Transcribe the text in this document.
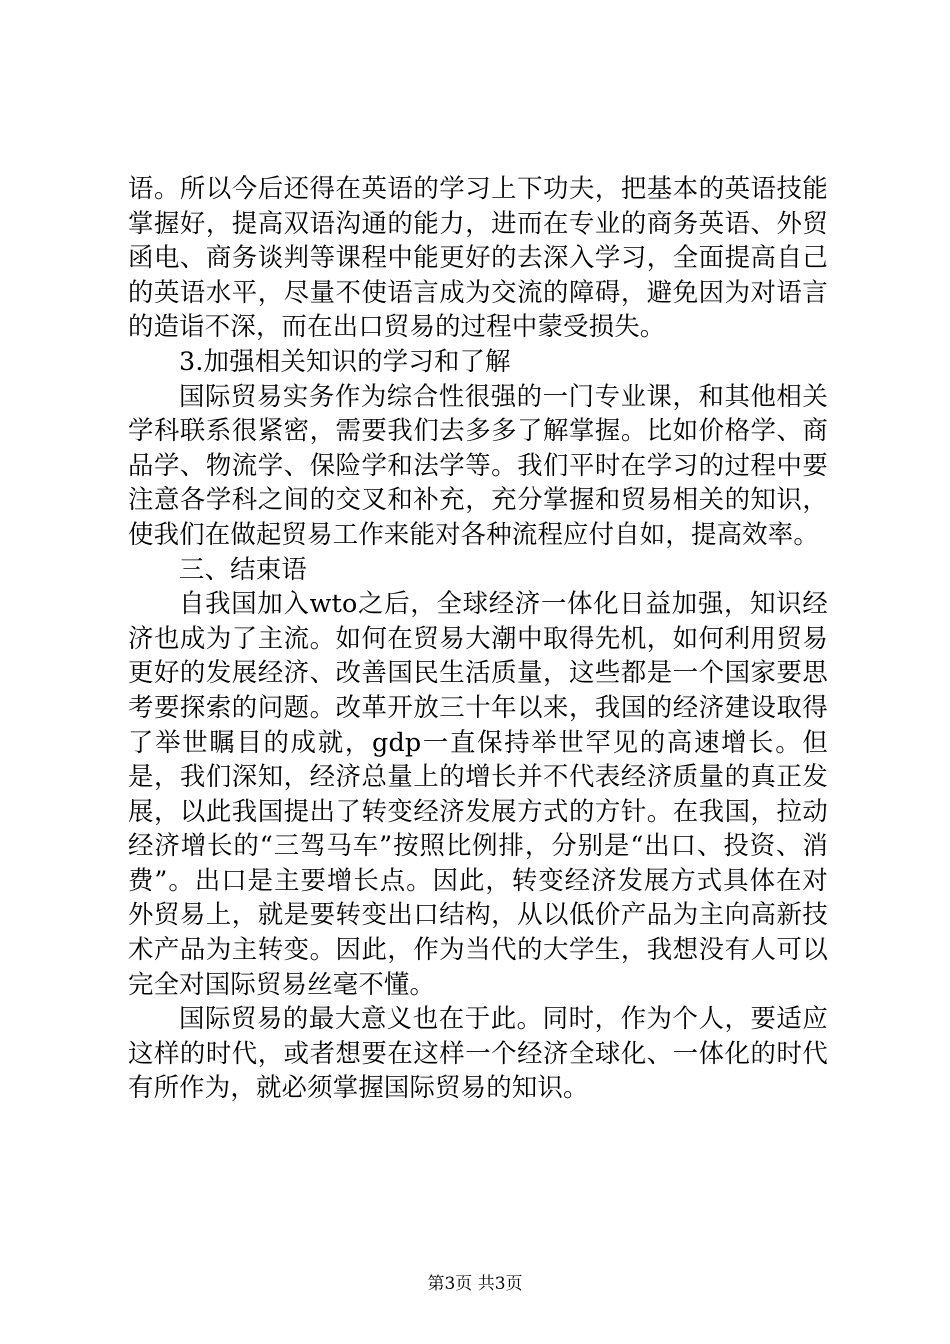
语。所以今后还得在英语的学习上下功夫，把基本的英语技能掌握好，提高双语沟通的能力，进而在专业的商务英语、外贸函电、商务谈判等课程中能更好的去深入学习，全面提高自己的英语水平，尽量不使语言成为交流的障碍，避免因为对语言的造诣不深，而在出口贸易的过程中蒙受损失。

3.加强相关知识的学习和了解

国际贸易实务作为综合性很强的一门专业课，和其他相关学科联系很紧密，需要我们去多多了解掌握。比如价格学、商品学、物流学、保险学和法学等。我们平时在学习的过程中要注意各学科之间的交叉和补充，充分掌握和贸易相关的知识，使我们在做起贸易工作来能对各种流程应付自如，提高效率。

三、结束语

自我国加入wto之后，全球经济一体化日益加强，知识经济也成为了主流。如何在贸易大潮中取得先机，如何利用贸易更好的发展经济、改善国民生活质量，这些都是一个国家要思考要探索的问题。改革开放三十年以来，我国的经济建设取得了举世瞩目的成就，gdp一直保持举世罕见的高速增长。但是，我们深知，经济总量上的增长并不代表经济质量的真正发展，以此我国提出了转变经济发展方式的方针。在我国，拉动经济增长的“三驾马车”按照比例排，分别是“出口、投资、消费”。出口是主要增长点。因此，转变经济发展方式具体在对外贸易上，就是要转变出口结构，从以低价产品为主向高新技术产品为主转变。因此，作为当代的大学生，我想没有人可以完全对国际贸易丝毫不懂。

国际贸易的最大意义也在于此。同时，作为个人，要适应这样的时代，或者想要在这样一个经济全球化、一体化的时代有所作为，就必须掌握国际贸易的知识。

第3页 共3页
